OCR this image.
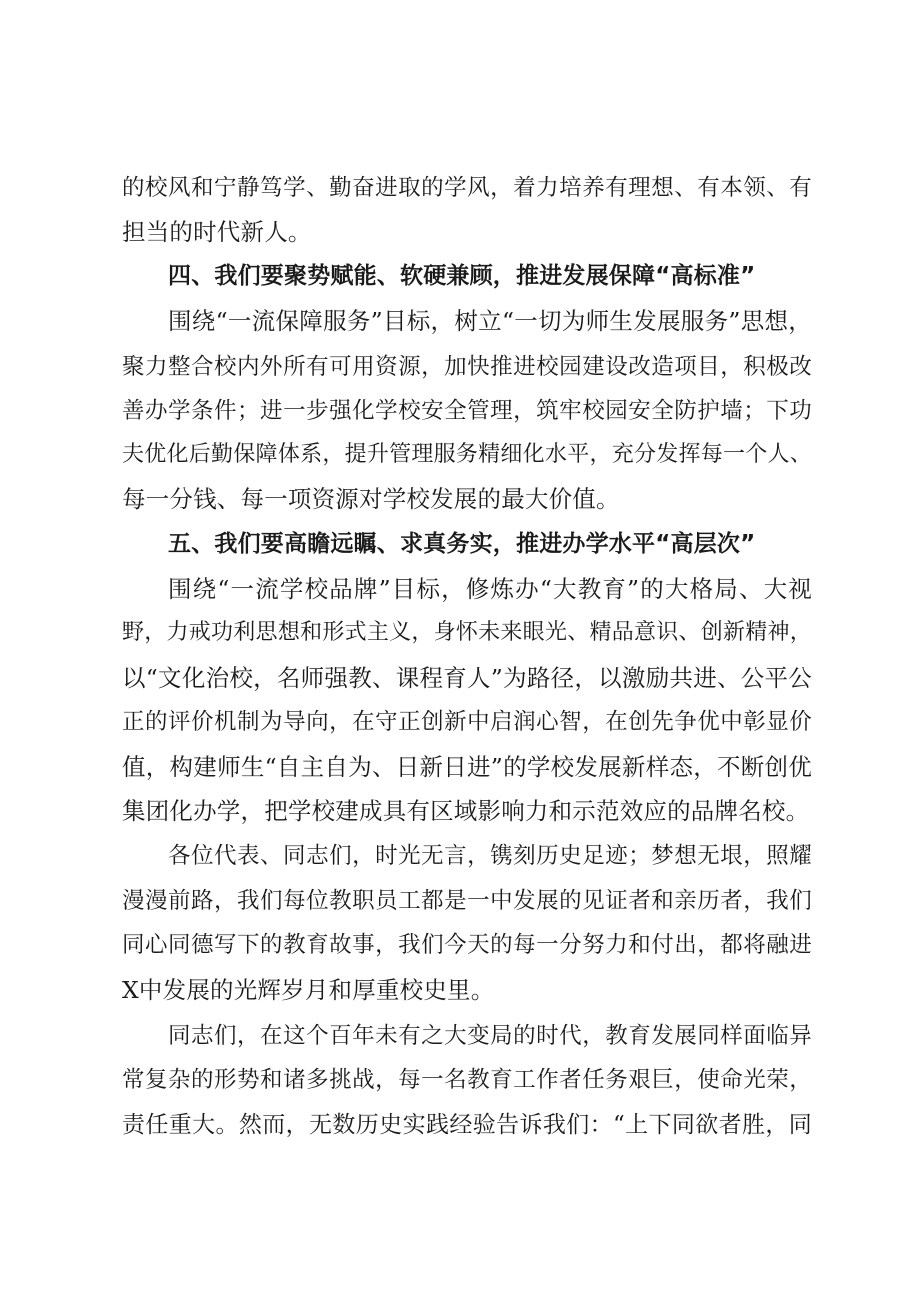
的校风和宁静笃学、勤奋进取的学风，着力培养有理想、有本领、有
担当的时代新人。
四、我们要聚势赋能、软硬兼顾，推进发展保障“高标准”
围绕“一流保障服务”目标，树立“一切为师生发展服务”思想，
聚力整合校内外所有可用资源，加快推进校园建设改造项目，积极改
善办学条件；进一步强化学校安全管理，筑牢校园安全防护墙；下功
夫优化后勤保障体系，提升管理服务精细化水平，充分发挥每一个人、
每一分钱、每一项资源对学校发展的最大价值。
五、我们要高瞻远瞩、求真务实，推进办学水平“高层次”
围绕“一流学校品牌”目标，修炼办“大教育”的大格局、大视
野，力戒功利思想和形式主义，身怀未来眼光、精品意识、创新精神，
以“文化治校，名师强教、课程育人”为路径，以激励共进、公平公
正的评价机制为导向，在守正创新中启润心智，在创先争优中彰显价
值，构建师生“自主自为、日新日进”的学校发展新样态，不断创优
集团化办学，把学校建成具有区域影响力和示范效应的品牌名校。
各位代表、同志们，时光无言，镌刻历史足迹；梦想无垠，照耀
漫漫前路，我们每位教职员工都是一中发展的见证者和亲历者，我们
同心同德写下的教育故事，我们今天的每一分努力和付出，都将融进
X中发展的光辉岁月和厚重校史里。
同志们，在这个百年未有之大变局的时代，教育发展同样面临异
常复杂的形势和诸多挑战，每一名教育工作者任务艰巨，使命光荣，
责任重大。然而，无数历史实践经验告诉我们：“上下同欲者胜，同
